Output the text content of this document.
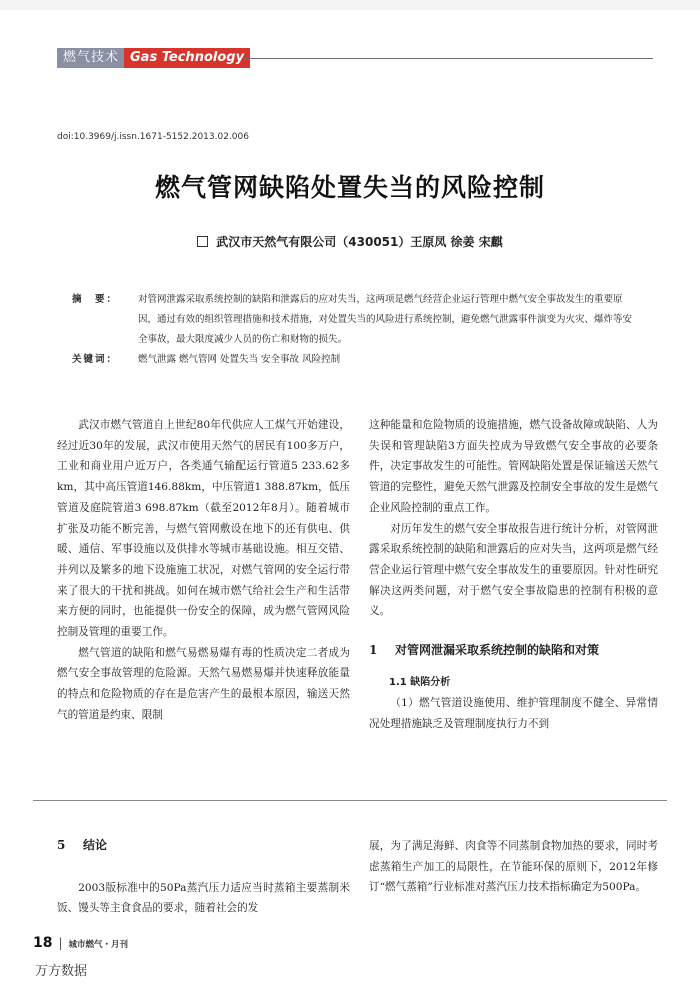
燃气技术 Gas Technology
doi:10.3969/j.issn.1671-5152.2013.02.006
燃气管网缺陷处置失当的风险控制
武汉市天然气有限公司（430051）王原凤 徐姜 宋麒
摘　要：	对管网泄露采取系统控制的缺陷和泄露后的应对失当，这两项是燃气经营企业运行管理中燃气安全事故发生的重要原因，通过有效的组织管理措施和技术措施，对处置失当的风险进行系统控制，避免燃气泄露事件演变为火灾、爆炸等安全事故，最大限度减少人员的伤亡和财物的损失。
关键词：	燃气泄露 燃气管网 处置失当 安全事故 风险控制

武汉市燃气管道自上世纪80年代供应人工煤气开始建设，经过近30年的发展，武汉市使用天然气的居民有100多万户，工业和商业用户近万户，各类通气输配运行管道5 233.62多km，其中高压管道146.88km，中压管道1 388.87km，低压管道及庭院管道3 698.87km（截至2012年8月）。随着城市扩张及功能不断完善，与燃气管网敷设在地下的还有供电、供暖、通信、军事设施以及供排水等城市基础设施。相互交错、并列以及繁多的地下设施施工状况，对燃气管网的安全运行带来了很大的干扰和挑战。如何在城市燃气给社会生产和生活带来方便的同时，也能提供一份安全的保障，成为燃气管网风险控制及管理的重要工作。

燃气管道的缺陷和燃气易燃易爆有毒的性质决定二者成为燃气安全事故管理的危险源。天然气易燃易爆并快速释放能量的特点和危险物质的存在是危害产生的最根本原因，输送天然气的管道是约束、限制

这种能量和危险物质的设施措施，燃气设备故障或缺陷、人为失误和管理缺陷3方面失控成为导致燃气安全事故的必要条件，决定事故发生的可能性。管网缺陷处置是保证输送天然气管道的完整性，避免天然气泄露及控制安全事故的发生是燃气企业风险控制的重点工作。

对历年发生的燃气安全事故报告进行统计分析，对管网泄露采取系统控制的缺陷和泄露后的应对失当，这两项是燃气经营企业运行管理中燃气安全事故发生的重要原因。针对性研究解决这两类问题，对于燃气安全事故隐患的控制有积极的意义。

1	对管网泄漏采取系统控制的缺陷和对策

1.1 缺陷分析

（1）燃气管道设施使用、维护管理制度不健全、异常情况处理措施缺乏及管理制度执行力不到

5	结论

2003版标准中的50Pa蒸汽压力适应当时蒸箱主要蒸制米饭、馒头等主食食品的要求，随着社会的发

展，为了满足海鲜、肉食等不同蒸制食物加热的要求，同时考虑蒸箱生产加工的局限性，在节能环保的原则下，2012年修订“燃气蒸箱”行业标准对蒸汽压力技术指标确定为500Pa。

18 | 城市燃气・月刊
万方数据
